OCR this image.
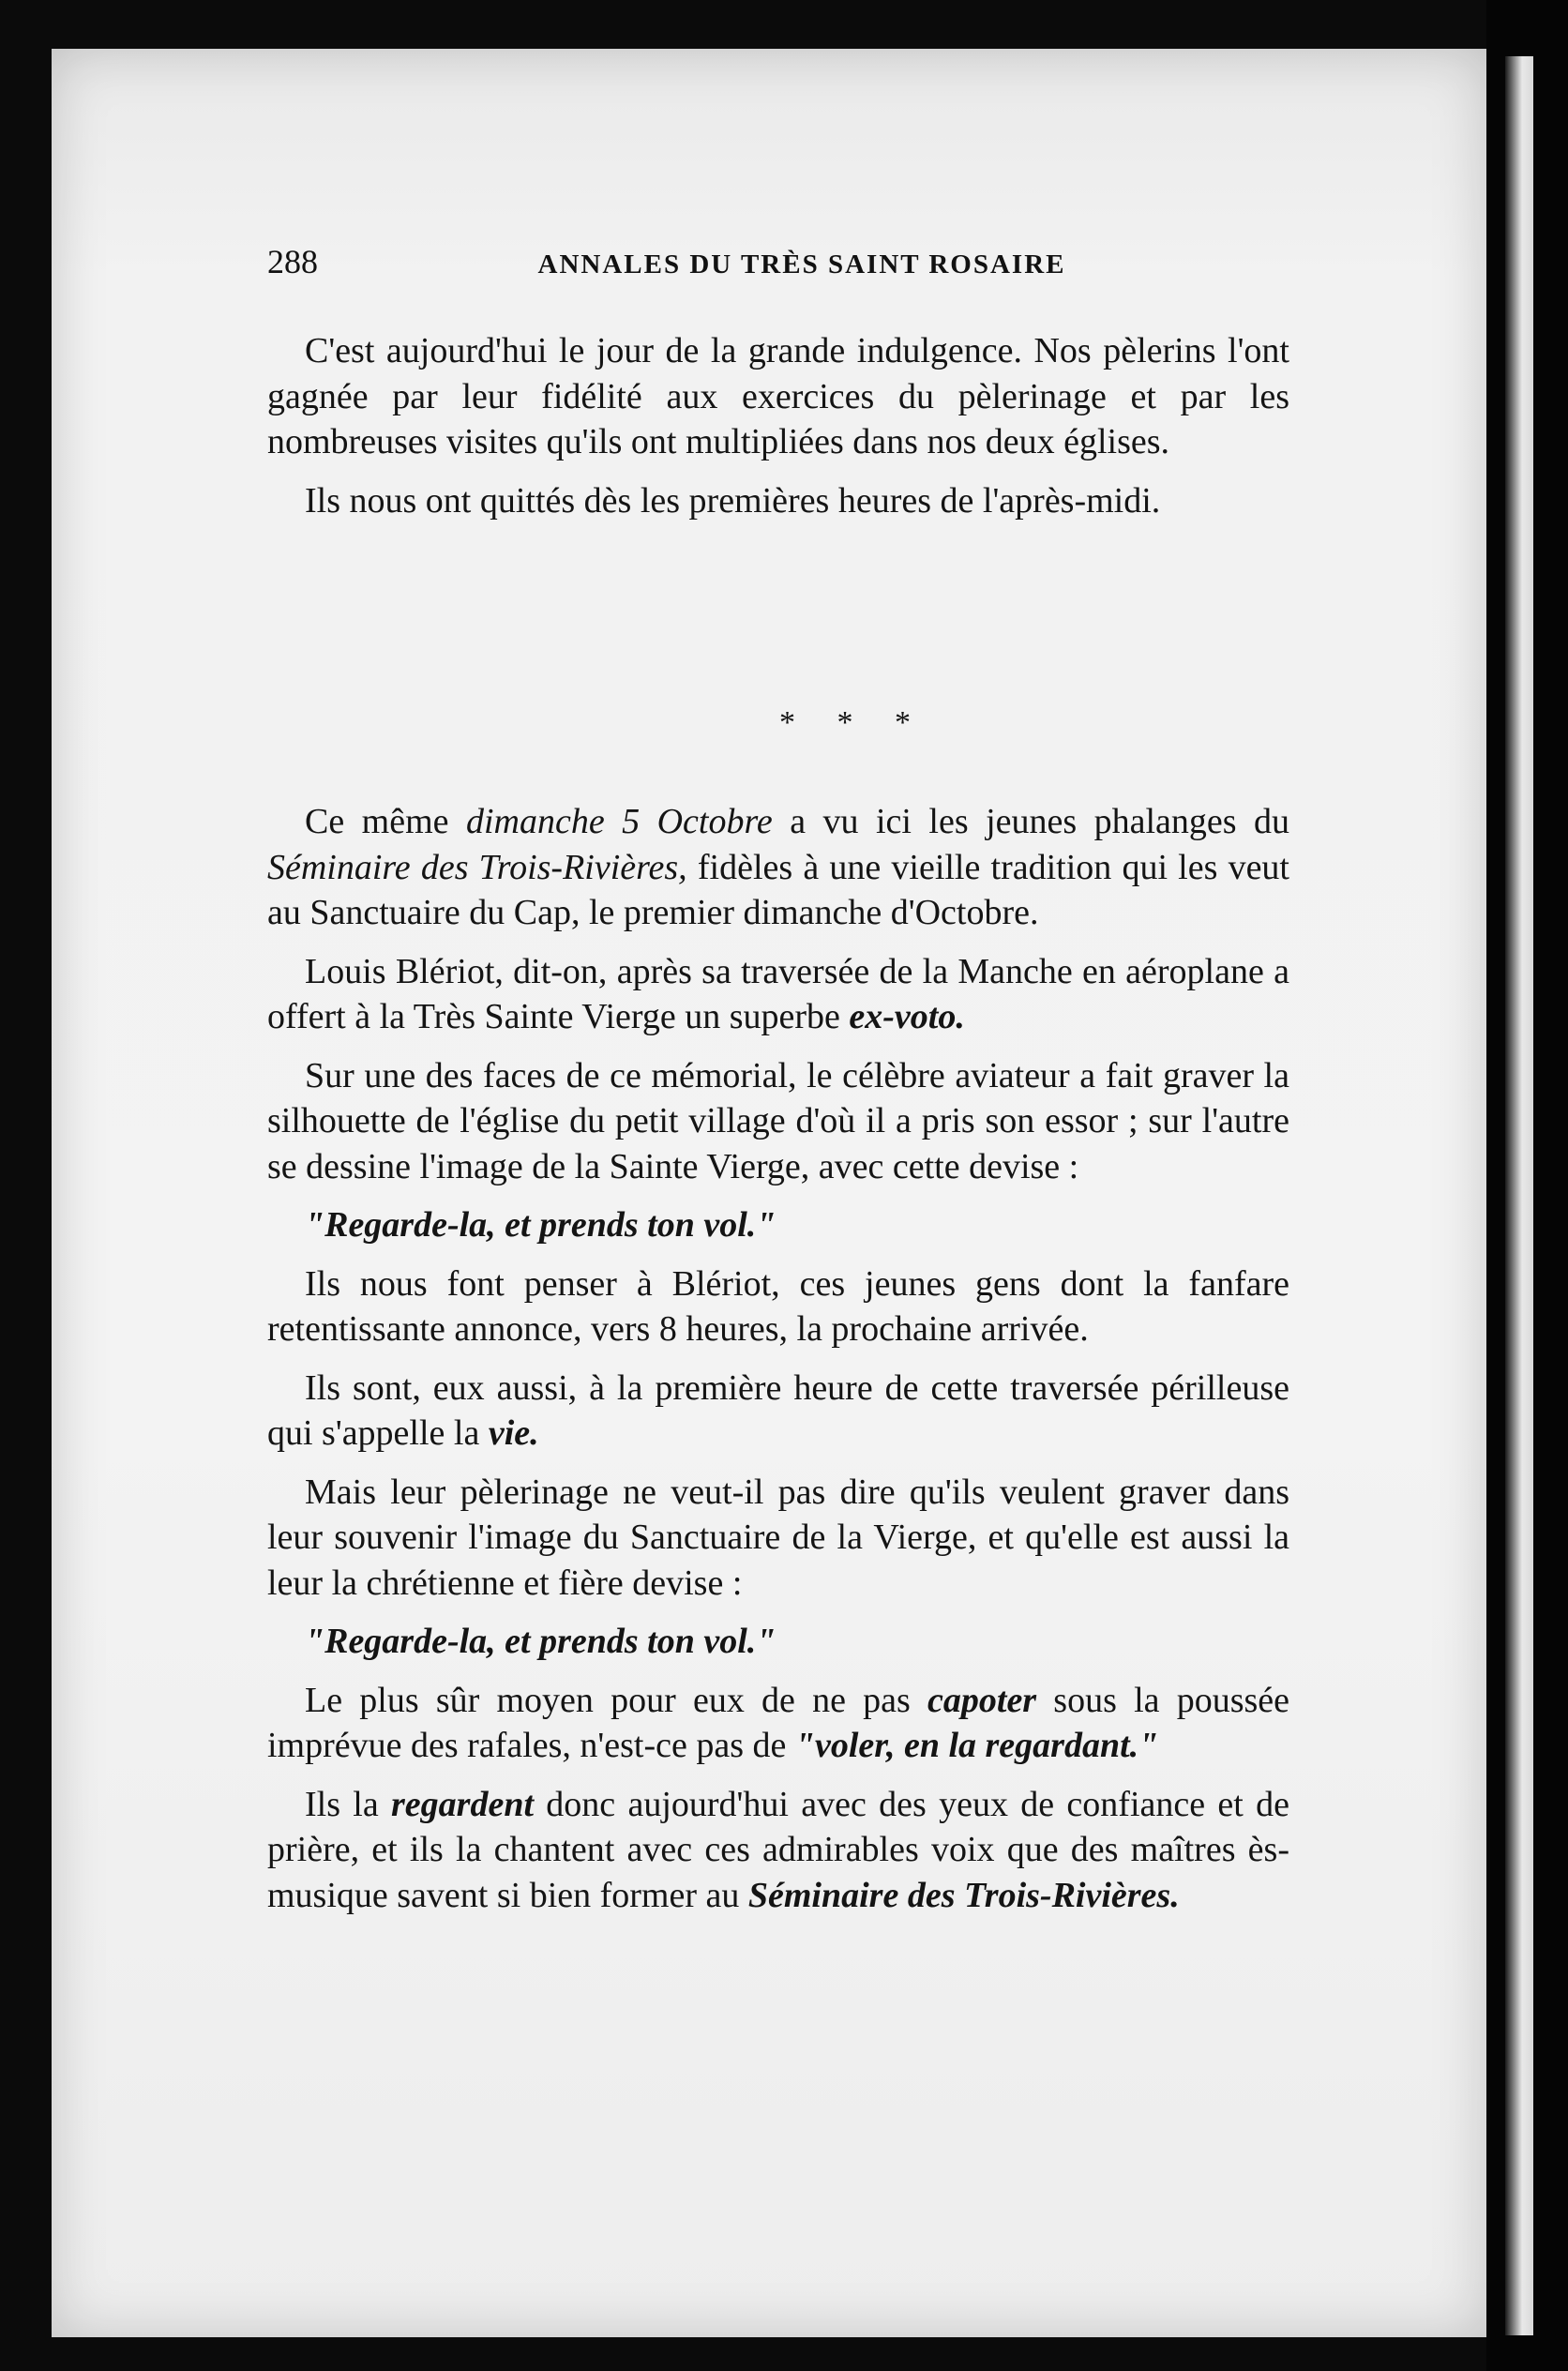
288	ANNALES DU TRÈS SAINT ROSAIRE

C'est aujourd'hui le jour de la grande indulgence. Nos pèlerins l'ont gagnée par leur fidélité aux exercices du pèlerinage et par les nombreuses visites qu'ils ont multipliées dans nos deux églises.

Ils nous ont quittés dès les premières heures de l'après-midi.

* * *

Ce même dimanche 5 Octobre a vu ici les jeunes phalanges du Séminaire des Trois-Rivières, fidèles à une vieille tradition qui les veut au Sanctuaire du Cap, le premier dimanche d'Octobre.

Louis Blériot, dit-on, après sa traversée de la Manche en aéroplane a offert à la Très Sainte Vierge un superbe ex-voto.

Sur une des faces de ce mémorial, le célèbre aviateur a fait graver la silhouette de l'église du petit village d'où il a pris son essor ; sur l'autre se dessine l'image de la Sainte Vierge, avec cette devise :

"Regarde-la, et prends ton vol."

Ils nous font penser à Blériot, ces jeunes gens dont la fanfare retentissante annonce, vers 8 heures, la prochaine arrivée.

Ils sont, eux aussi, à la première heure de cette traversée périlleuse qui s'appelle la vie.

Mais leur pèlerinage ne veut-il pas dire qu'ils veulent graver dans leur souvenir l'image du Sanctuaire de la Vierge, et qu'elle est aussi la leur la chrétienne et fière devise :

"Regarde-la, et prends ton vol."

Le plus sûr moyen pour eux de ne pas capoter sous la poussée imprévue des rafales, n'est-ce pas de "voler, en la regardant."

Ils la regardent donc aujourd'hui avec des yeux de confiance et de prière, et ils la chantent avec ces admirables voix que des maîtres ès-musique savent si bien former au Séminaire des Trois-Rivières.
